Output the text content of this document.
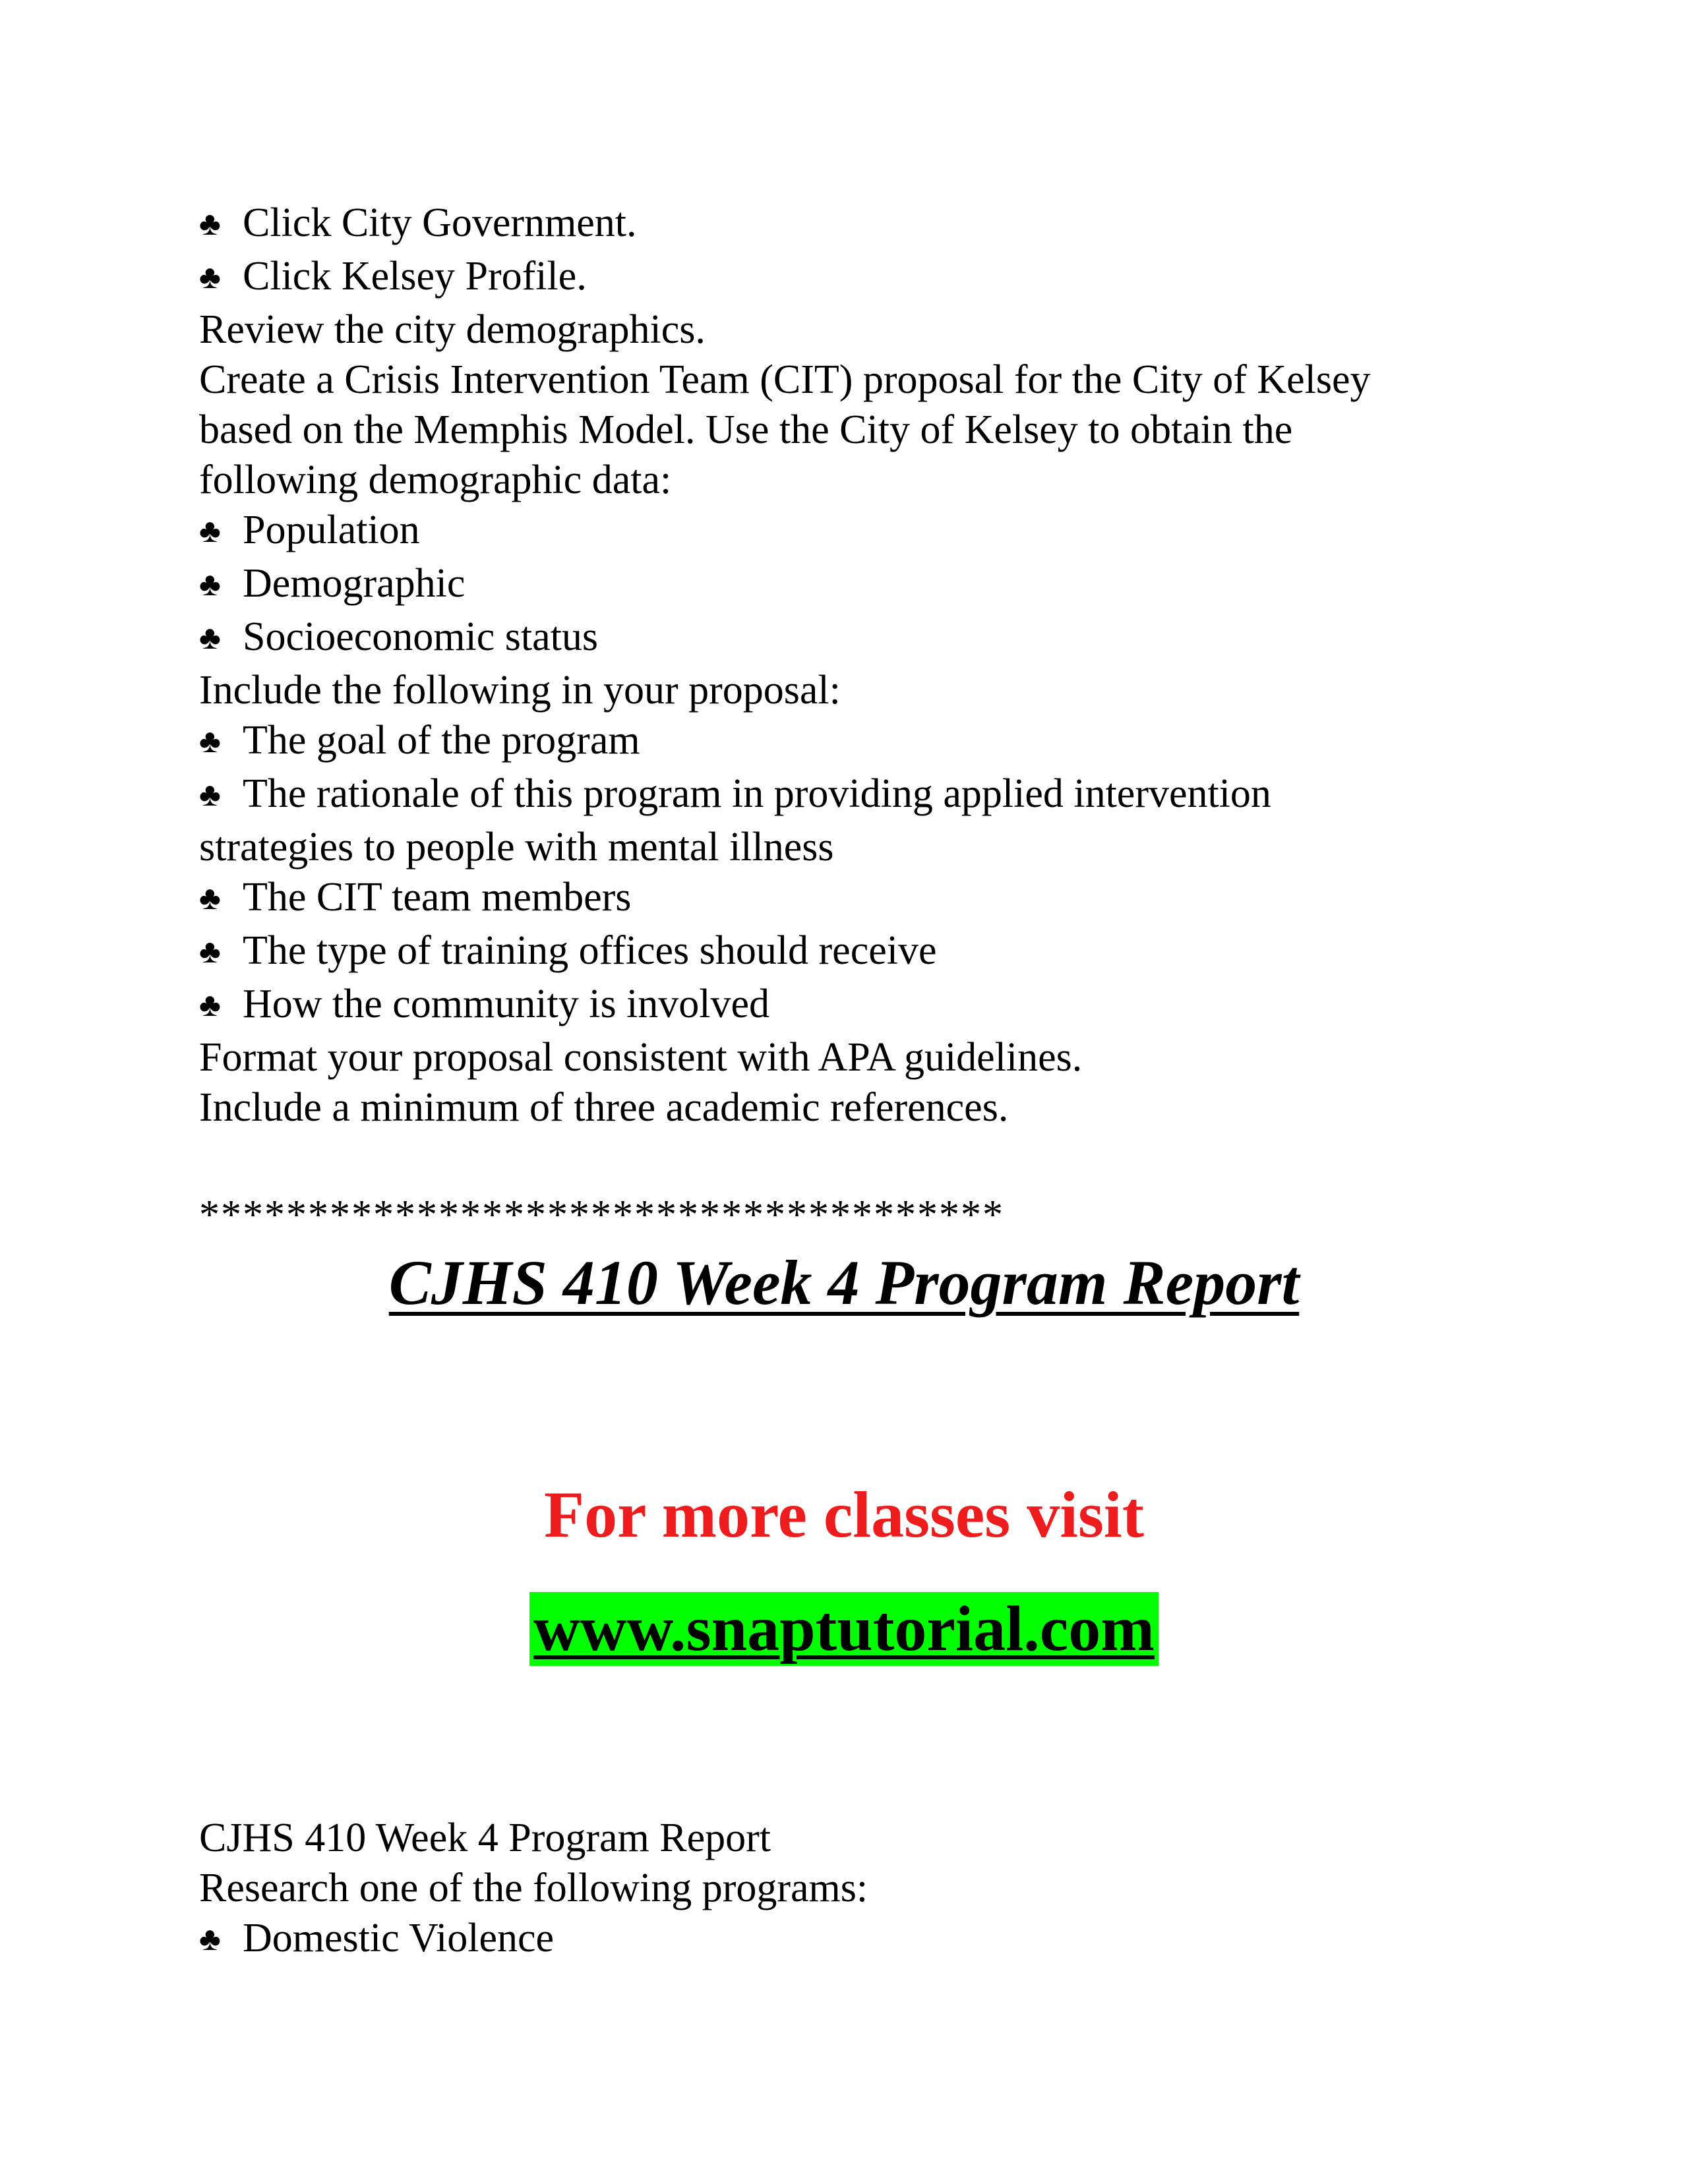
♣ Click City Government.
♣ Click Kelsey Profile.
Review the city demographics.
Create a Crisis Intervention Team (CIT) proposal for the City of Kelsey
based on the Memphis Model. Use the City of Kelsey to obtain the
following demographic data:
♣ Population
♣ Demographic
♣ Socioeconomic status
Include the following in your proposal:
♣ The goal of the program
♣ The rationale of this program in providing applied intervention
strategies to people with mental illness
♣ The CIT team members
♣ The type of training offices should receive
♣ How the community is involved
Format your proposal consistent with APA guidelines.
Include a minimum of three academic references.
*************************************
CJHS 410 Week 4 Program Report
For more classes visit
www.snaptutorial.com
CJHS 410 Week 4 Program Report
Research one of the following programs:
♣ Domestic Violence
